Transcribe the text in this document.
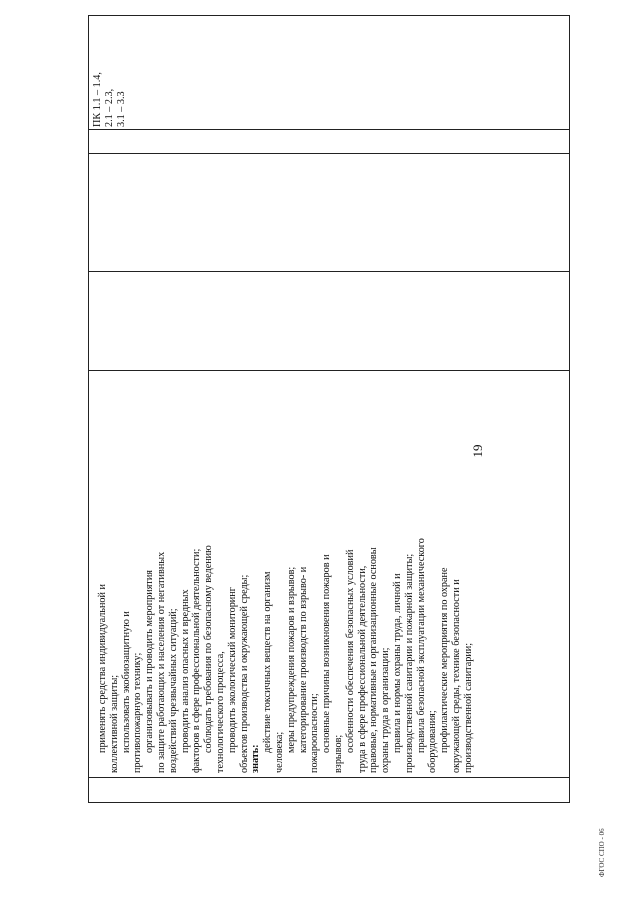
19
применять средства индивидуальной и коллективной защиты; использовать экобиозащитную и противопожарную технику; организовывать и проводить мероприятия по защите работающих и населения от негативных воздействий чрезвычайных ситуаций; проводить анализ опасных и вредных факторов в сфере профессиональной деятельности; соблюдать требования по безопасному ведению технологического процесса, проводить экологический мониторинг объектов производства и окружающей среды; знать:
действие токсичных веществ на организм человека; меры предупреждения пожаров и взрывов; категорирование производств по взрыво- и пожароопасности; основные причины возникновения пожаров и
взрывов;
особенности обеспечения безопасных условий труда в сфере профессиональной деятельности, правовые, нормативные и организационные основы охраны труда в организации; правила и нормы охраны труда, личной и производственной санитарии и пожарной защиты; правила безопасной эксплуатации механического оборудования; профилактические мероприятия по охране окружающей среды, технике безопасности и производственной санитарии;
ПК 1.1 – 1.4, 2.1 – 2.3, 3.1 – 3.3
ФГОС СПО - 06
